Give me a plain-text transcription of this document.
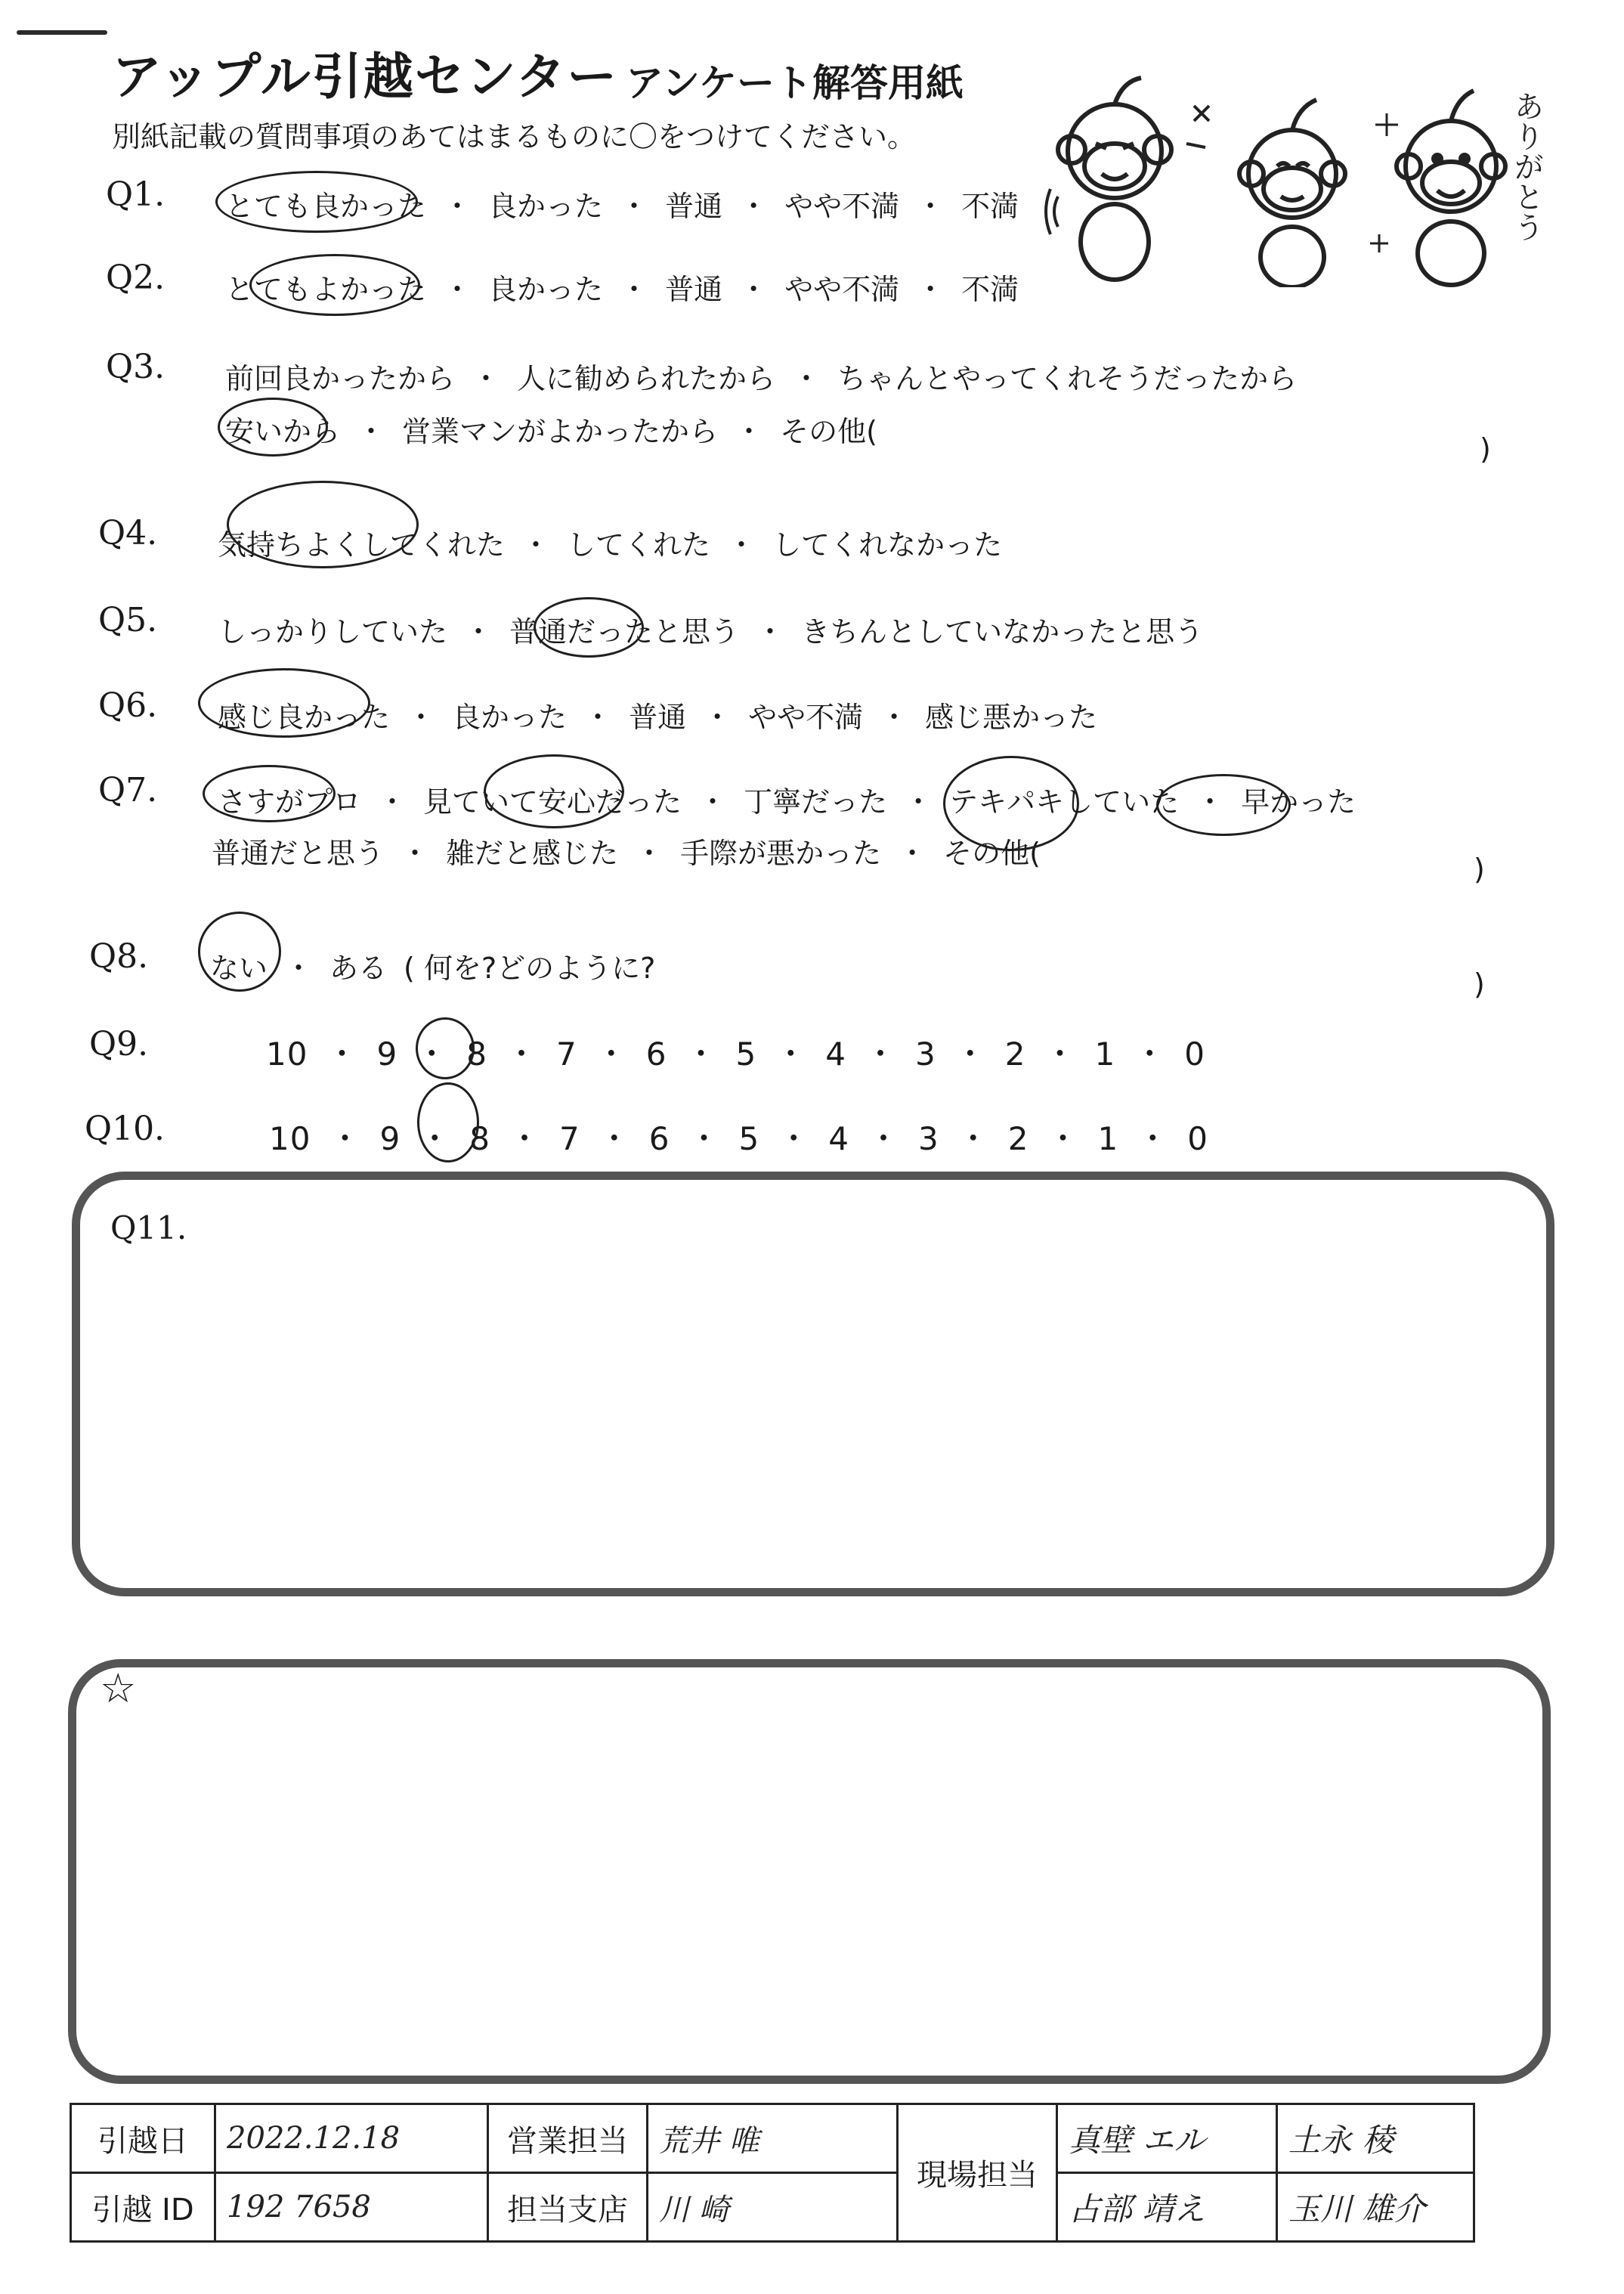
アップル引越センター アンケート解答用紙
別紙記載の質問事項のあてはまるものに〇をつけてください。	ありがとう
Q1. とても良かった ・ 良かった ・ 普通 ・ やや不満 ・ 不満
Q2. とてもよかった ・ 良かった ・ 普通 ・ やや不満 ・ 不満
Q3. 前回良かったから ・ 人に勧められたから ・ ちゃんとやってくれそうだったから
安いから ・ 営業マンがよかったから ・ その他(
)
Q4. 気持ちよくしてくれた ・ してくれた ・ してくれなかった
Q5. しっかりしていた ・ 普通だったと思う ・ きちんとしていなかったと思う
Q6. 感じ良かった ・ 良かった ・ 普通 ・ やや不満 ・ 感じ悪かった
Q7. さすがプロ ・ 見ていて安心だった ・ 丁寧だった ・ テキパキしていた ・ 早かった
普通だと思う ・ 雑だと感じた ・ 手際が悪かった ・ その他(	)
Q8. ない ・ ある ( 何を?どのように?	)
Q9.	10 ・ 9 ・ 8 ・ 7 ・ 6 ・ 5 ・ 4 ・ 3 ・ 2 ・ 1 ・ 0
Q10.	10 ・ 9 ・ 8 ・ 7 ・ 6 ・ 5 ・ 4 ・ 3 ・ 2 ・ 1 ・ 0
Q11.
☆
引越日	2022.12.18	営業担当	荒井 唯	現場担当	真壁 エル	土永 稜
引越 ID	192 7658	担当支店	川 崎		占部 靖え	玉川 雄介
